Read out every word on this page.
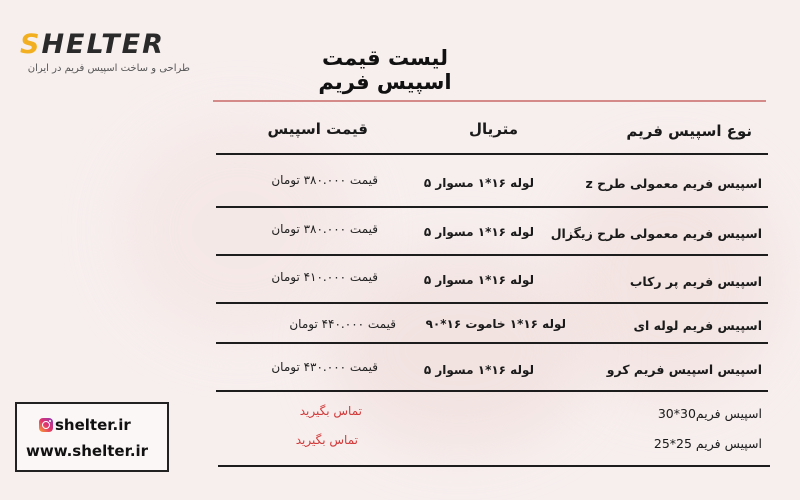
SHELTER
طراحی و ساخت اسپیس فریم در ایران	لیست قیمت اسپیس فریم
نوع اسپیس فریم
متریال
قیمت اسپیس
اسپیس فریم معمولی طرح z
لوله ۱۶*۱ مسوار ۵
قیمت ۳۸۰.۰۰۰ تومان
اسپیس فریم معمولی طرح زیگزال
لوله ۱۶*۱ مسوار ۵
قیمت ۳۸۰.۰۰۰ تومان
اسپیس فریم پر رکاب
لوله ۱۶*۱ مسوار ۵
قیمت ۴۱۰.۰۰۰ تومان
اسپیس فریم لوله ای
لوله ۱۶*۱ خاموت ۱۶*۹۰
قیمت ۴۴۰.۰۰۰ تومان
اسپیس اسپیس فریم کرو
لوله ۱۶*۱ مسوار ۵
قیمت ۴۳۰.۰۰۰ تومان
اسپیس فریم30*30
تماس بگیرید
اسپیس فریم 25*25
تماس بگیرید
shelter.ir
www.shelter.ir
